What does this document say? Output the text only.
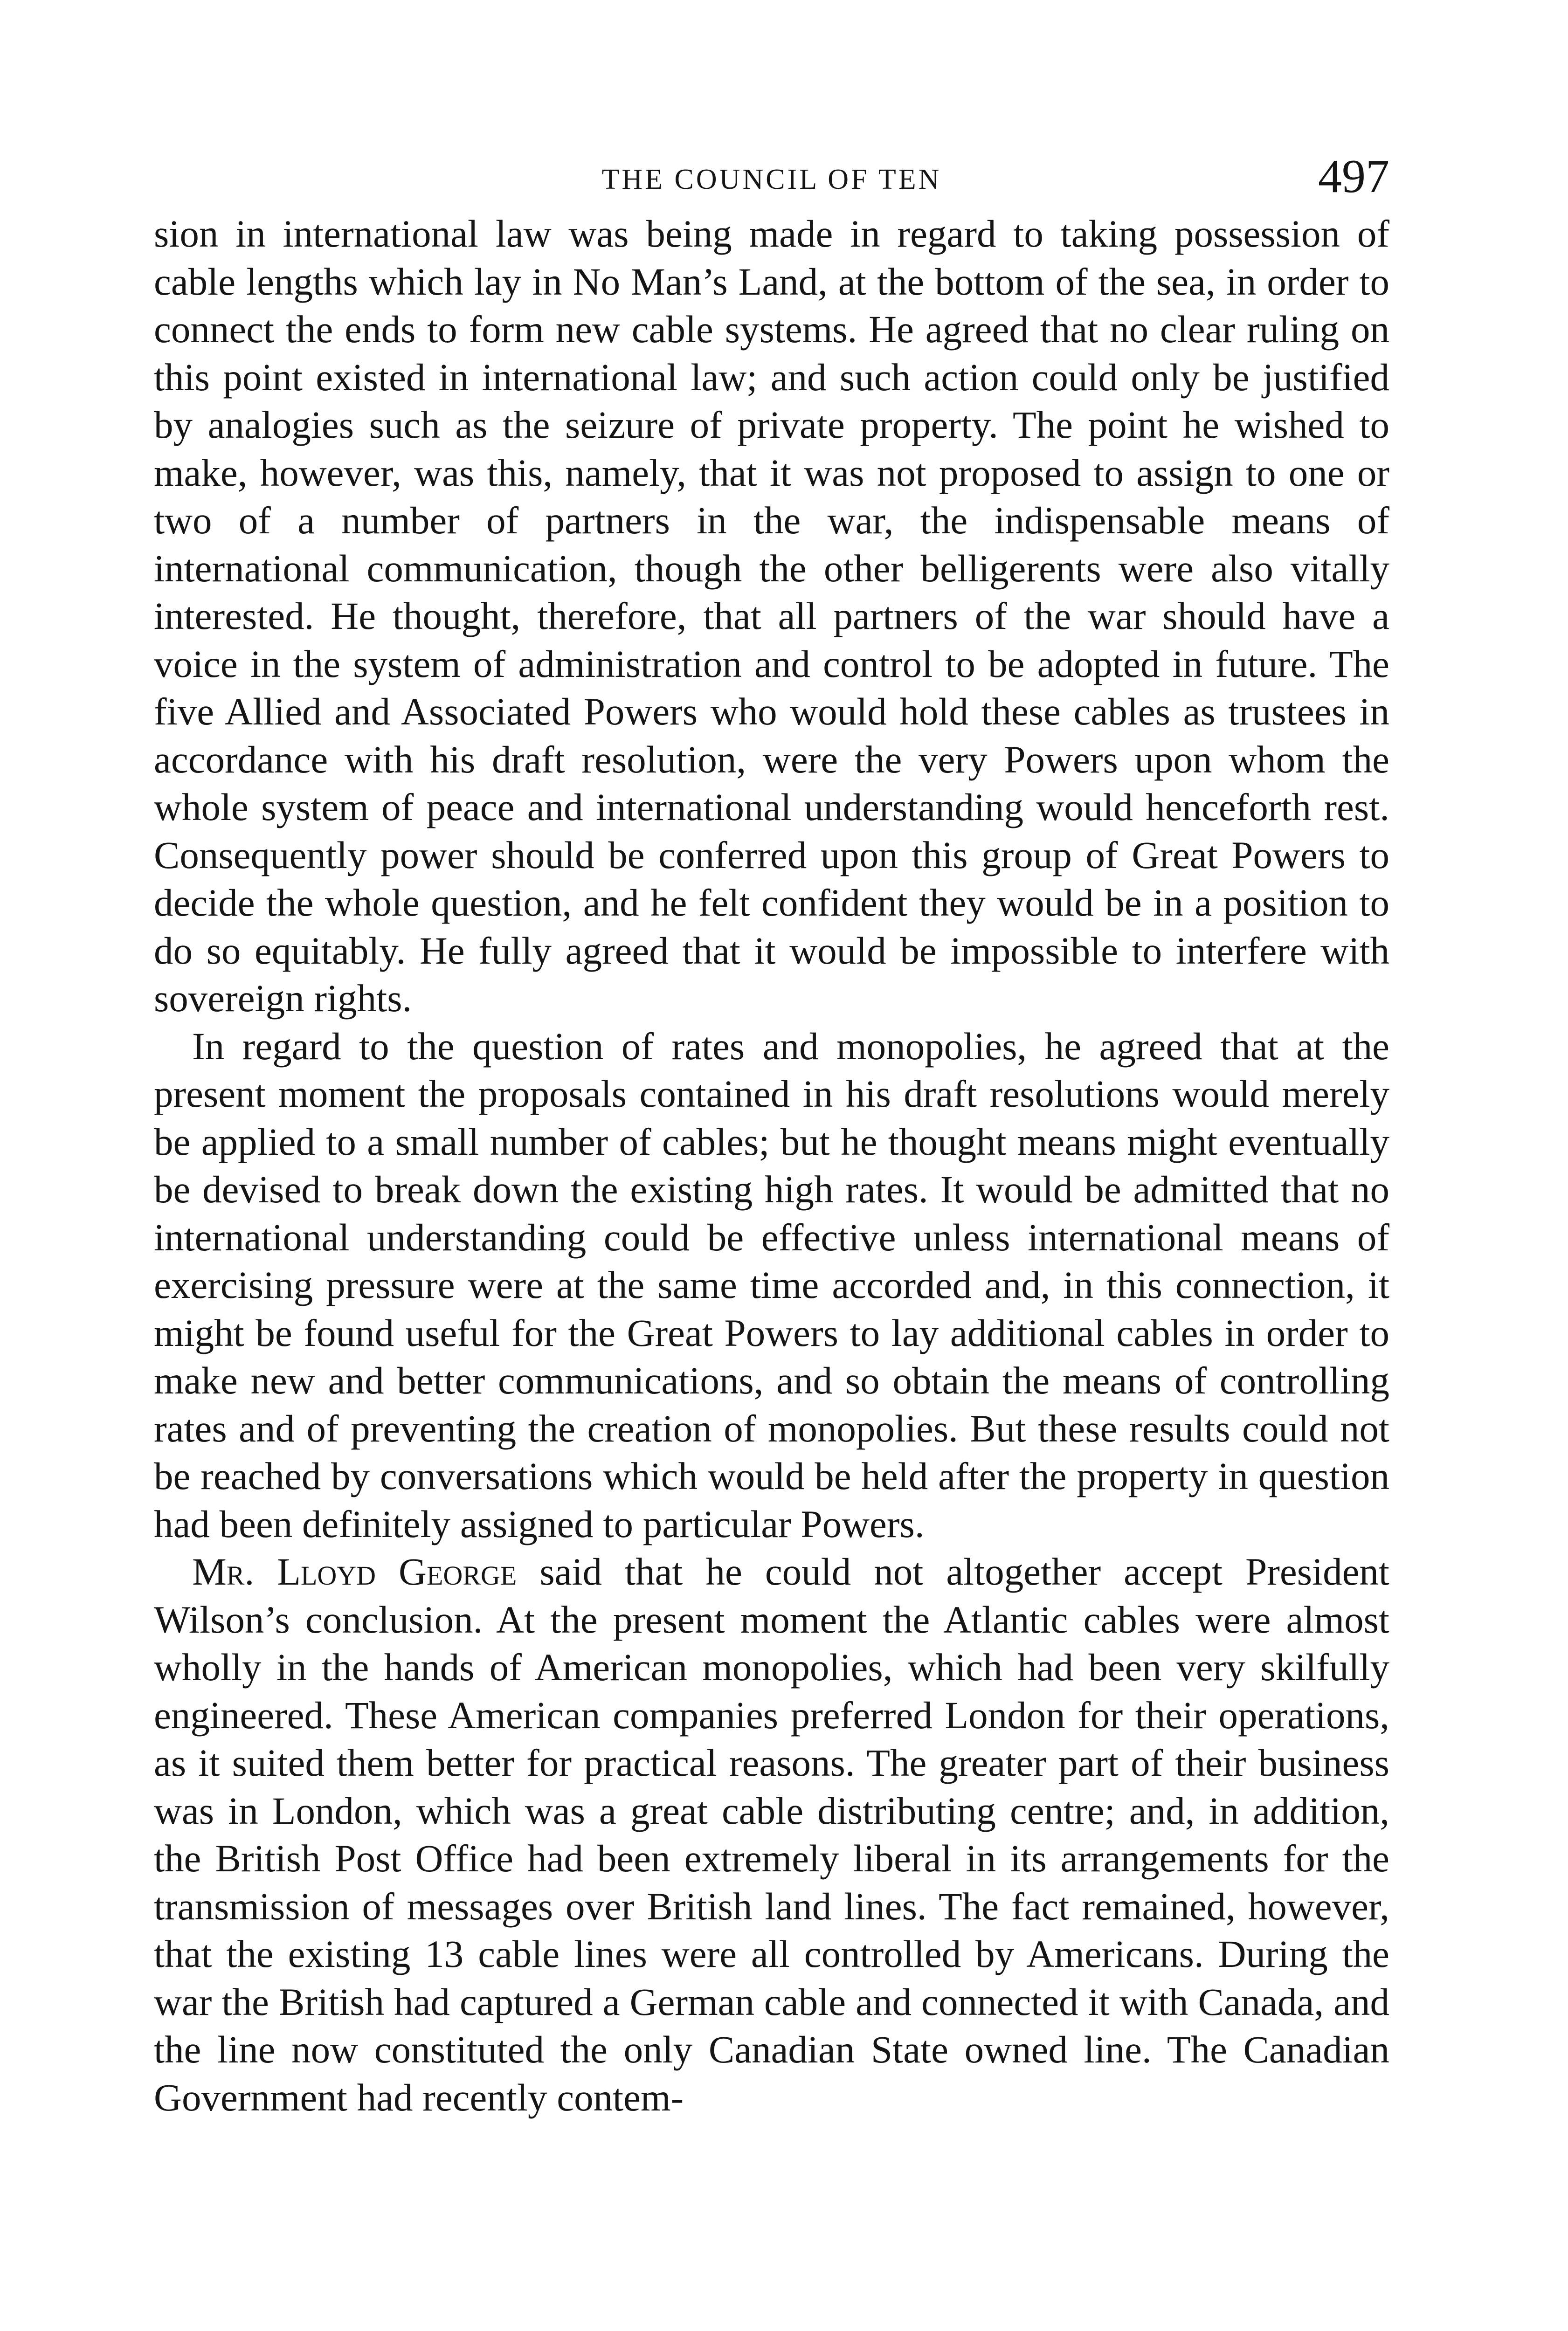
THE COUNCIL OF TEN	497

sion in international law was being made in regard to taking possession of cable lengths which lay in No Man’s Land, at the bottom of the sea, in order to connect the ends to form new cable systems. He agreed that no clear ruling on this point existed in international law; and such action could only be justified by analogies such as the seizure of private property. The point he wished to make, however, was this, namely, that it was not proposed to assign to one or two of a number of partners in the war, the indispensable means of international communication, though the other belligerents were also vitally interested. He thought, therefore, that all partners of the war should have a voice in the system of administration and control to be adopted in future. The five Allied and Associated Powers who would hold these cables as trustees in accordance with his draft resolution, were the very Powers upon whom the whole system of peace and international understanding would henceforth rest. Consequently power should be conferred upon this group of Great Powers to decide the whole question, and he felt confident they would be in a position to do so equitably. He fully agreed that it would be impossible to interfere with sovereign rights.

In regard to the question of rates and monopolies, he agreed that at the present moment the proposals contained in his draft resolutions would merely be applied to a small number of cables; but he thought means might eventually be devised to break down the existing high rates. It would be admitted that no international understanding could be effective unless international means of exercising pressure were at the same time accorded and, in this connection, it might be found useful for the Great Powers to lay additional cables in order to make new and better communications, and so obtain the means of controlling rates and of preventing the creation of monopolies. But these results could not be reached by conversations which would be held after the property in question had been definitely assigned to particular Powers.

Mr. Lloyd George said that he could not altogether accept President Wilson’s conclusion. At the present moment the Atlantic cables were almost wholly in the hands of American monopolies, which had been very skilfully engineered. These American companies preferred London for their operations, as it suited them better for practical reasons. The greater part of their business was in London, which was a great cable distributing centre; and, in addition, the British Post Office had been extremely liberal in its arrangements for the transmission of messages over British land lines. The fact remained, however, that the existing 13 cable lines were all controlled by Americans. During the war the British had captured a German cable and connected it with Canada, and the line now constituted the only Canadian State owned line. The Canadian Government had recently contem-
